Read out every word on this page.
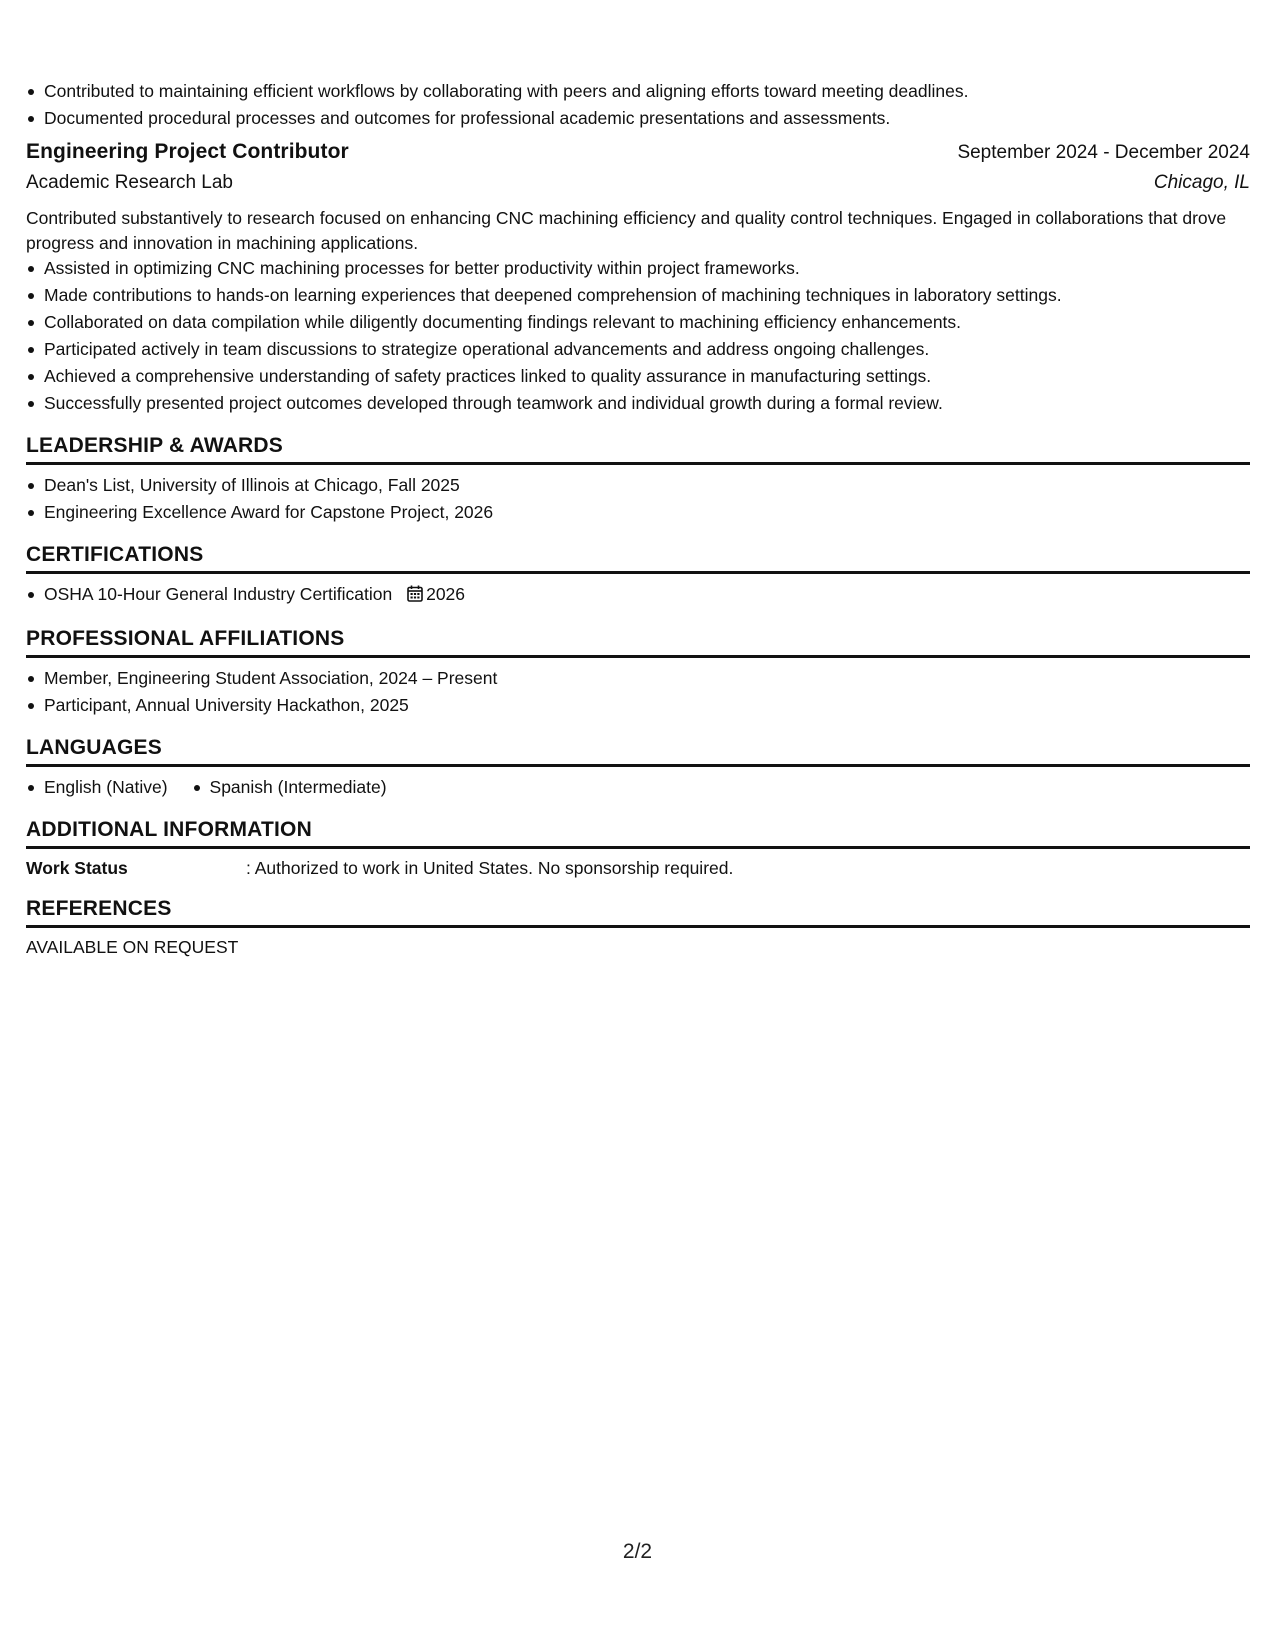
Contributed to maintaining efficient workflows by collaborating with peers and aligning efforts toward meeting deadlines.
Documented procedural processes and outcomes for professional academic presentations and assessments.
Engineering Project Contributor	September 2024 - December 2024
Academic Research Lab	Chicago, IL
Contributed substantively to research focused on enhancing CNC machining efficiency and quality control techniques. Engaged in collaborations that drove progress and innovation in machining applications.
Assisted in optimizing CNC machining processes for better productivity within project frameworks.
Made contributions to hands-on learning experiences that deepened comprehension of machining techniques in laboratory settings.
Collaborated on data compilation while diligently documenting findings relevant to machining efficiency enhancements.
Participated actively in team discussions to strategize operational advancements and address ongoing challenges.
Achieved a comprehensive understanding of safety practices linked to quality assurance in manufacturing settings.
Successfully presented project outcomes developed through teamwork and individual growth during a formal review.
LEADERSHIP & AWARDS
Dean's List, University of Illinois at Chicago, Fall 2025
Engineering Excellence Award for Capstone Project, 2026
CERTIFICATIONS
OSHA 10-Hour General Industry Certification 2026
PROFESSIONAL AFFILIATIONS
Member, Engineering Student Association, 2024 – Present
Participant, Annual University Hackathon, 2025
LANGUAGES
English (Native) Spanish (Intermediate)
ADDITIONAL INFORMATION
Work Status	: Authorized to work in United States. No sponsorship required.
REFERENCES
AVAILABLE ON REQUEST
2/2
